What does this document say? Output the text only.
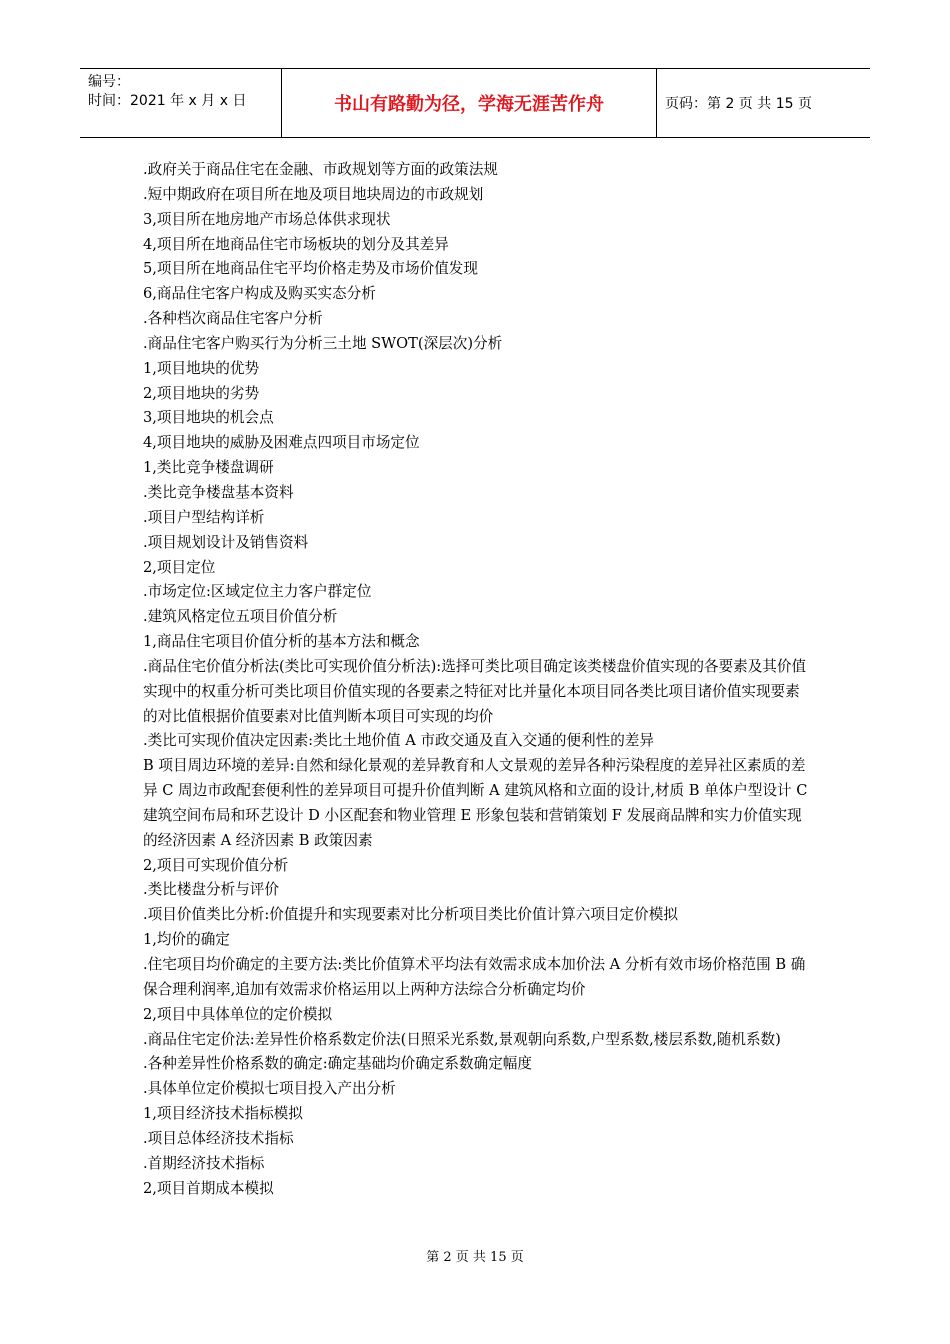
编号：
时间：2021 年 x 月 x 日	书山有路勤为径，学海无涯苦作舟	页码：第 2 页 共 15 页
.政府关于商品住宅在金融、市政规划等方面的政策法规
.短中期政府在项目所在地及项目地块周边的市政规划
3,项目所在地房地产市场总体供求现状
4,项目所在地商品住宅市场板块的划分及其差异
5,项目所在地商品住宅平均价格走势及市场价值发现
6,商品住宅客户构成及购买实态分析
.各种档次商品住宅客户分析
.商品住宅客户购买行为分析三土地 SWOT(深层次)分析
1,项目地块的优势
2,项目地块的劣势
3,项目地块的机会点
4,项目地块的威胁及困难点四项目市场定位
1,类比竞争楼盘调研
.类比竞争楼盘基本资料
.项目户型结构详析
.项目规划设计及销售资料
2,项目定位
.市场定位:区域定位主力客户群定位
.建筑风格定位五项目价值分析
1,商品住宅项目价值分析的基本方法和概念
.商品住宅价值分析法(类比可实现价值分析法):选择可类比项目确定该类楼盘价值实现的各要素及其价值实现中的权重分析可类比项目价值实现的各要素之特征对比并量化本项目同各类比项目诸价值实现要素的对比值根据价值要素对比值判断本项目可实现的均价
.类比可实现价值决定因素:类比土地价值 A 市政交通及直入交通的便利性的差异
B 项目周边环境的差异:自然和绿化景观的差异教育和人文景观的差异各种污染程度的差异社区素质的差异 C 周边市政配套便利性的差异项目可提升价值判断 A 建筑风格和立面的设计,材质 B 单体户型设计 C 建筑空间布局和环艺设计 D 小区配套和物业管理 E 形象包装和营销策划 F 发展商品牌和实力价值实现的经济因素 A 经济因素 B 政策因素
2,项目可实现价值分析
.类比楼盘分析与评价
.项目价值类比分析:价值提升和实现要素对比分析项目类比价值计算六项目定价模拟
1,均价的确定
.住宅项目均价确定的主要方法:类比价值算术平均法有效需求成本加价法 A 分析有效市场价格范围 B 确保合理利润率,追加有效需求价格运用以上两种方法综合分析确定均价
2,项目中具体单位的定价模拟
.商品住宅定价法:差异性价格系数定价法(日照采光系数,景观朝向系数,户型系数,楼层系数,随机系数)
.各种差异性价格系数的确定:确定基础均价确定系数确定幅度
.具体单位定价模拟七项目投入产出分析
1,项目经济技术指标模拟
.项目总体经济技术指标
.首期经济技术指标
2,项目首期成本模拟
第 2 页 共 15 页
